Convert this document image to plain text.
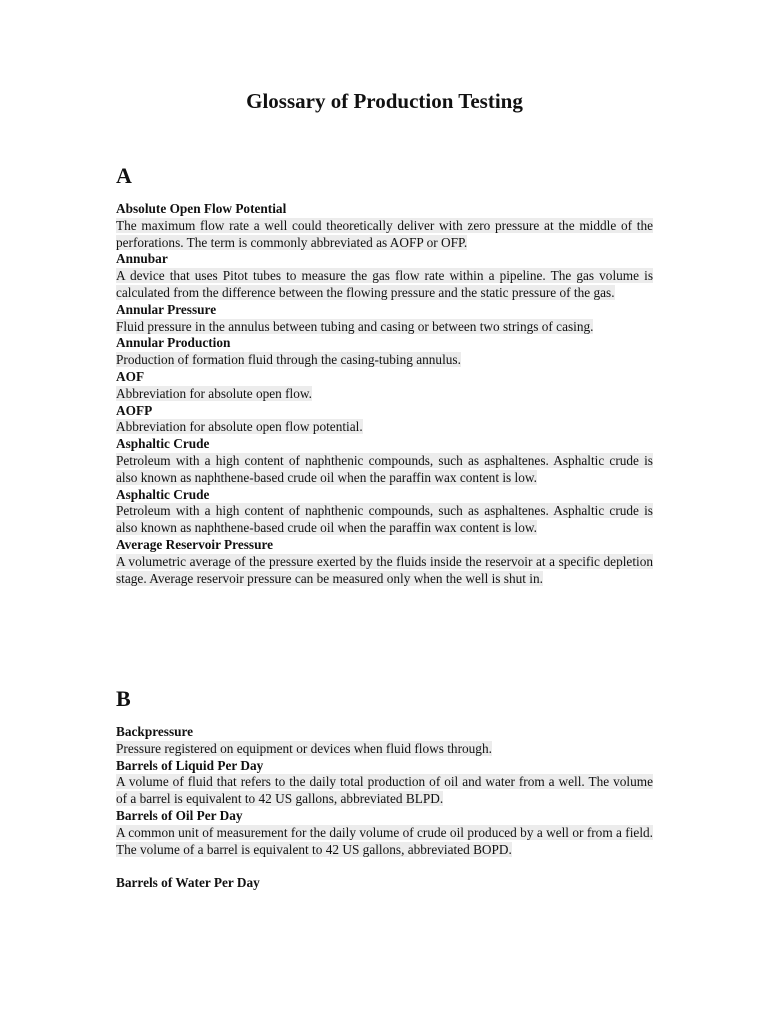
Glossary of Production Testing
A

Absolute Open Flow Potential

The maximum flow rate a well could theoretically deliver with zero pressure at the middle of the perforations. The term is commonly abbreviated as AOFP or OFP.

Annubar

A device that uses Pitot tubes to measure the gas flow rate within a pipeline. The gas volume is calculated from the difference between the flowing pressure and the static pressure of the gas.

Annular Pressure

Fluid pressure in the annulus between tubing and casing or between two strings of casing.

Annular Production

Production of formation fluid through the casing-tubing annulus.

AOF

Abbreviation for absolute open flow.

AOFP

Abbreviation for absolute open flow potential.

Asphaltic Crude

Petroleum with a high content of naphthenic compounds, such as asphaltenes. Asphaltic crude is also known as naphthene-based crude oil when the paraffin wax content is low.

Asphaltic Crude

Petroleum with a high content of naphthenic compounds, such as asphaltenes. Asphaltic crude is also known as naphthene-based crude oil when the paraffin wax content is low.

Average Reservoir Pressure

A volumetric average of the pressure exerted by the fluids inside the reservoir at a specific depletion stage. Average reservoir pressure can be measured only when the well is shut in.

B

Backpressure

Pressure registered on equipment or devices when fluid flows through.

Barrels of Liquid Per Day

A volume of fluid that refers to the daily total production of oil and water from a well. The volume of a barrel is equivalent to 42 US gallons, abbreviated BLPD.

Barrels of Oil Per Day

A common unit of measurement for the daily volume of crude oil produced by a well or from a field. The volume of a barrel is equivalent to 42 US gallons, abbreviated BOPD.

Barrels of Water Per Day
